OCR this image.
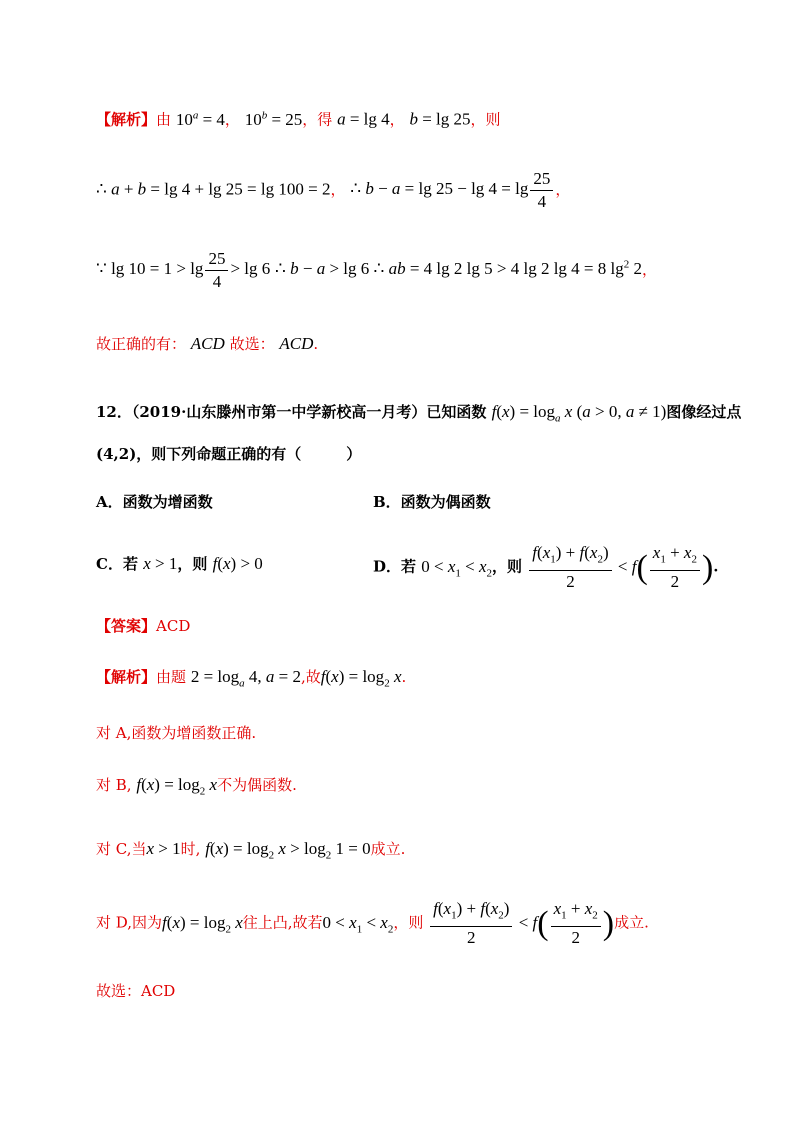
【解析】由 $10^a = 4$， $10^b = 25$，得 a = lg 4， b = lg 25，则
∴ a + b = lg 4 + lg 25 = lg 100 = 2， ∴ $b - a = \lg 25 - \lg 4 = \lg \frac{25}{4}$ ，
∵ $\lg 10 = 1 > \lg \frac{25}{4} > \lg 6$ ∴ b − a > lg 6 ∴ ab = 4 lg 2 lg 5 > 4 lg 2 lg 4 = 8 $\lg^2 2$，
故正确的有： ACD 故选： ACD.
12．（2019·山东滕州市第一中学新校高一月考）已知函数 $f(x) = \log_a x$ (a > 0, a ≠ 1)图像经过点
(4,2)，则下列命题正确的有（　　　）
A．函数为增函数	B．函数为偶函数
C．若 x > 1，则 f(x) > 0	D．若 $0 < x_1 < x_2$，则 $\frac{f(x_1) + f(x_2)}{2} < f( \frac{x_1 + x_2}{2}$ ).
【答案】ACD
【解析】由题 $2 = \log_a 4$, a = 2,故$f(x) = \log_2 x$.
对 A,函数为增函数正确.
对 B, $f(x) = \log_2 x$不为偶函数.
对 C,当x > 1时, $f(x) = \log_2 x > \log_2 1 = 0$成立.
对 D,因为$f(x) = \log_2 x$往上凸,故若$0 < x_1 < x_2$，则 $\frac{f(x_1) + f(x_2)}{2} < f( \frac{x_1 + x_2}{2}$ )成立.
故选：ACD
